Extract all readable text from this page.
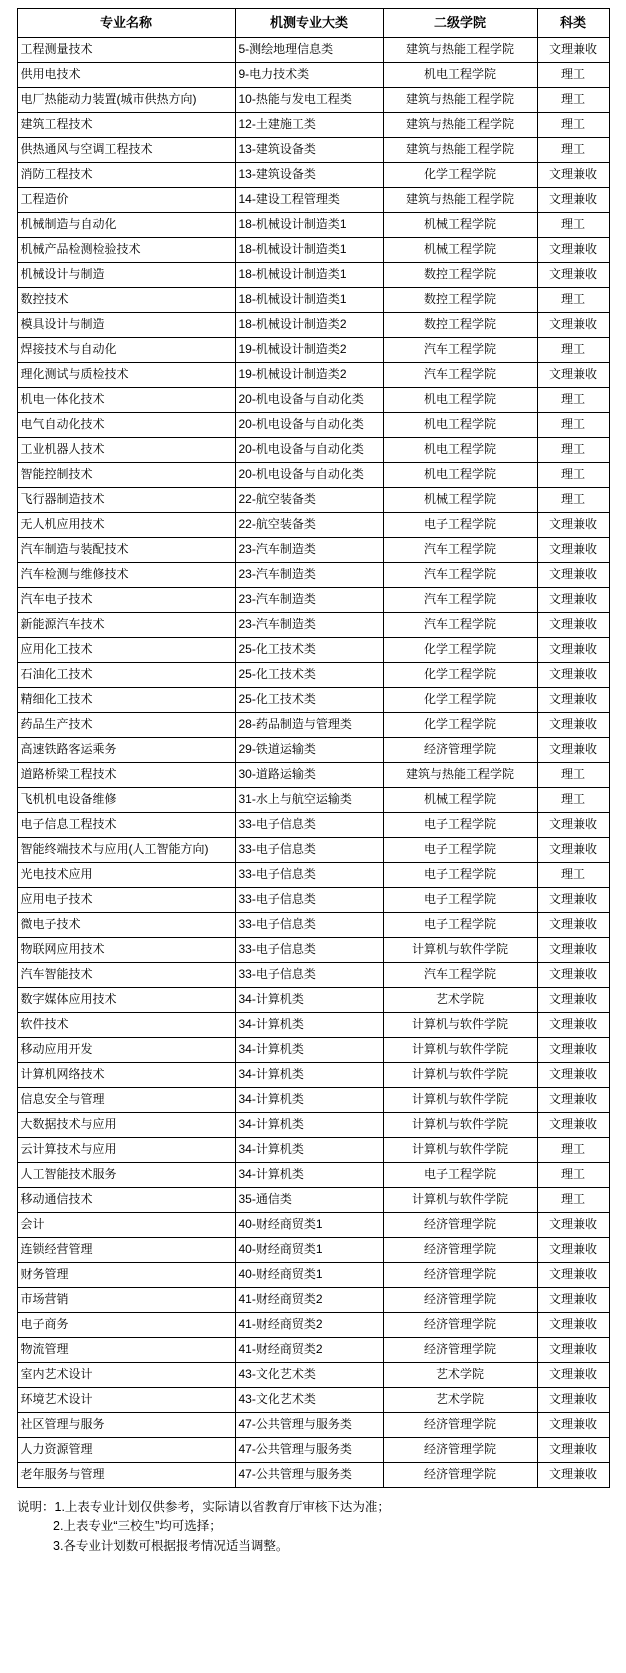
专业名称	机测专业大类	二级学院	科类
工程测量技术	5-测绘地理信息类	建筑与热能工程学院	文理兼收
供用电技术	9-电力技术类	机电工程学院	理工
电厂热能动力装置(城市供热方向)	10-热能与发电工程类	建筑与热能工程学院	理工
建筑工程技术	12-土建施工类	建筑与热能工程学院	理工
供热通风与空调工程技术	13-建筑设备类	建筑与热能工程学院	理工
消防工程技术	13-建筑设备类	化学工程学院	文理兼收
工程造价	14-建设工程管理类	建筑与热能工程学院	文理兼收
机械制造与自动化	18-机械设计制造类1	机械工程学院	理工
机械产品检测检验技术	18-机械设计制造类1	机械工程学院	文理兼收
机械设计与制造	18-机械设计制造类1	数控工程学院	文理兼收
数控技术	18-机械设计制造类1	数控工程学院	理工
模具设计与制造	18-机械设计制造类2	数控工程学院	文理兼收
焊接技术与自动化	19-机械设计制造类2	汽车工程学院	理工
理化测试与质检技术	19-机械设计制造类2	汽车工程学院	文理兼收
机电一体化技术	20-机电设备与自动化类	机电工程学院	理工
电气自动化技术	20-机电设备与自动化类	机电工程学院	理工
工业机器人技术	20-机电设备与自动化类	机电工程学院	理工
智能控制技术	20-机电设备与自动化类	机电工程学院	理工
飞行器制造技术	22-航空装备类	机械工程学院	理工
无人机应用技术	22-航空装备类	电子工程学院	文理兼收
汽车制造与装配技术	23-汽车制造类	汽车工程学院	文理兼收
汽车检测与维修技术	23-汽车制造类	汽车工程学院	文理兼收
汽车电子技术	23-汽车制造类	汽车工程学院	文理兼收
新能源汽车技术	23-汽车制造类	汽车工程学院	文理兼收
应用化工技术	25-化工技术类	化学工程学院	文理兼收
石油化工技术	25-化工技术类	化学工程学院	文理兼收
精细化工技术	25-化工技术类	化学工程学院	文理兼收
药品生产技术	28-药品制造与管理类	化学工程学院	文理兼收
高速铁路客运乘务	29-铁道运输类	经济管理学院	文理兼收
道路桥梁工程技术	30-道路运输类	建筑与热能工程学院	理工
飞机机电设备维修	31-水上与航空运输类	机械工程学院	理工
电子信息工程技术	33-电子信息类	电子工程学院	文理兼收
智能终端技术与应用(人工智能方向)	33-电子信息类	电子工程学院	文理兼收
光电技术应用	33-电子信息类	电子工程学院	理工
应用电子技术	33-电子信息类	电子工程学院	文理兼收
微电子技术	33-电子信息类	电子工程学院	文理兼收
物联网应用技术	33-电子信息类	计算机与软件学院	文理兼收
汽车智能技术	33-电子信息类	汽车工程学院	文理兼收
数字媒体应用技术	34-计算机类	艺术学院	文理兼收
软件技术	34-计算机类	计算机与软件学院	文理兼收
移动应用开发	34-计算机类	计算机与软件学院	文理兼收
计算机网络技术	34-计算机类	计算机与软件学院	文理兼收
信息安全与管理	34-计算机类	计算机与软件学院	文理兼收
大数据技术与应用	34-计算机类	计算机与软件学院	文理兼收
云计算技术与应用	34-计算机类	计算机与软件学院	理工
人工智能技术服务	34-计算机类	电子工程学院	理工
移动通信技术	35-通信类	计算机与软件学院	理工
会计	40-财经商贸类1	经济管理学院	文理兼收
连锁经营管理	40-财经商贸类1	经济管理学院	文理兼收
财务管理	40-财经商贸类1	经济管理学院	文理兼收
市场营销	41-财经商贸类2	经济管理学院	文理兼收
电子商务	41-财经商贸类2	经济管理学院	文理兼收
物流管理	41-财经商贸类2	经济管理学院	文理兼收
室内艺术设计	43-文化艺术类	艺术学院	文理兼收
环境艺术设计	43-文化艺术类	艺术学院	文理兼收
社区管理与服务	47-公共管理与服务类	经济管理学院	文理兼收
人力资源管理	47-公共管理与服务类	经济管理学院	文理兼收
老年服务与管理	47-公共管理与服务类	经济管理学院	文理兼收
说明：1.上表专业计划仅供参考，实际请以省教育厅审核下达为准；
2.上表专业“三校生”均可选择；
3.各专业计划数可根据报考情况适当调整。
